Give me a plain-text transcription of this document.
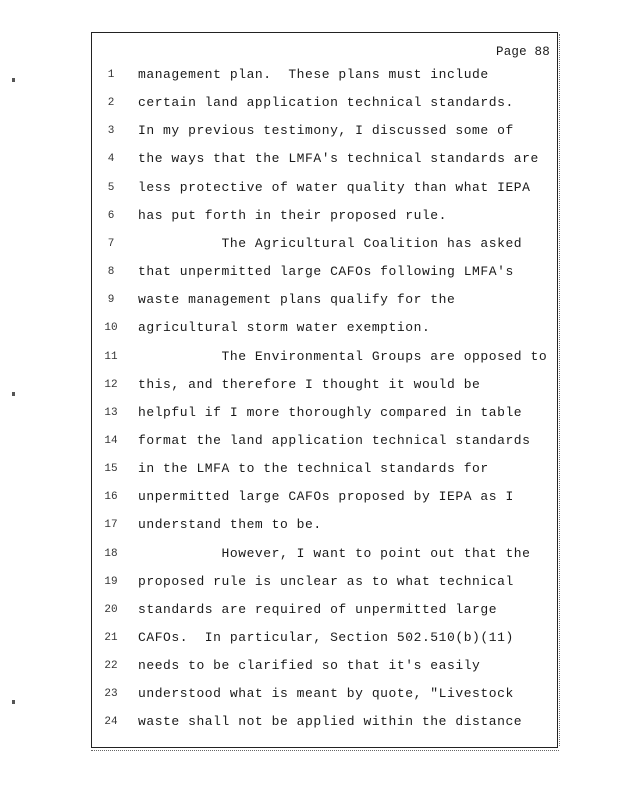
Page 88
1	management plan.  These plans must include
2	certain land application technical standards.
3	In my previous testimony, I discussed some of
4	the ways that the LMFA's technical standards are
5	less protective of water quality than what IEPA
6	has put forth in their proposed rule.
7	The Agricultural Coalition has asked
8	that unpermitted large CAFOs following LMFA's
9	waste management plans qualify for the
10	agricultural storm water exemption.
11	The Environmental Groups are opposed to
12	this, and therefore I thought it would be
13	helpful if I more thoroughly compared in table
14	format the land application technical standards
15	in the LMFA to the technical standards for
16	unpermitted large CAFOs proposed by IEPA as I
17	understand them to be.
18	However, I want to point out that the
19	proposed rule is unclear as to what technical
20	standards are required of unpermitted large
21	CAFOs.  In particular, Section 502.510(b)(11)
22	needs to be clarified so that it's easily
23	understood what is meant by quote, "Livestock
24	waste shall not be applied within the distance
